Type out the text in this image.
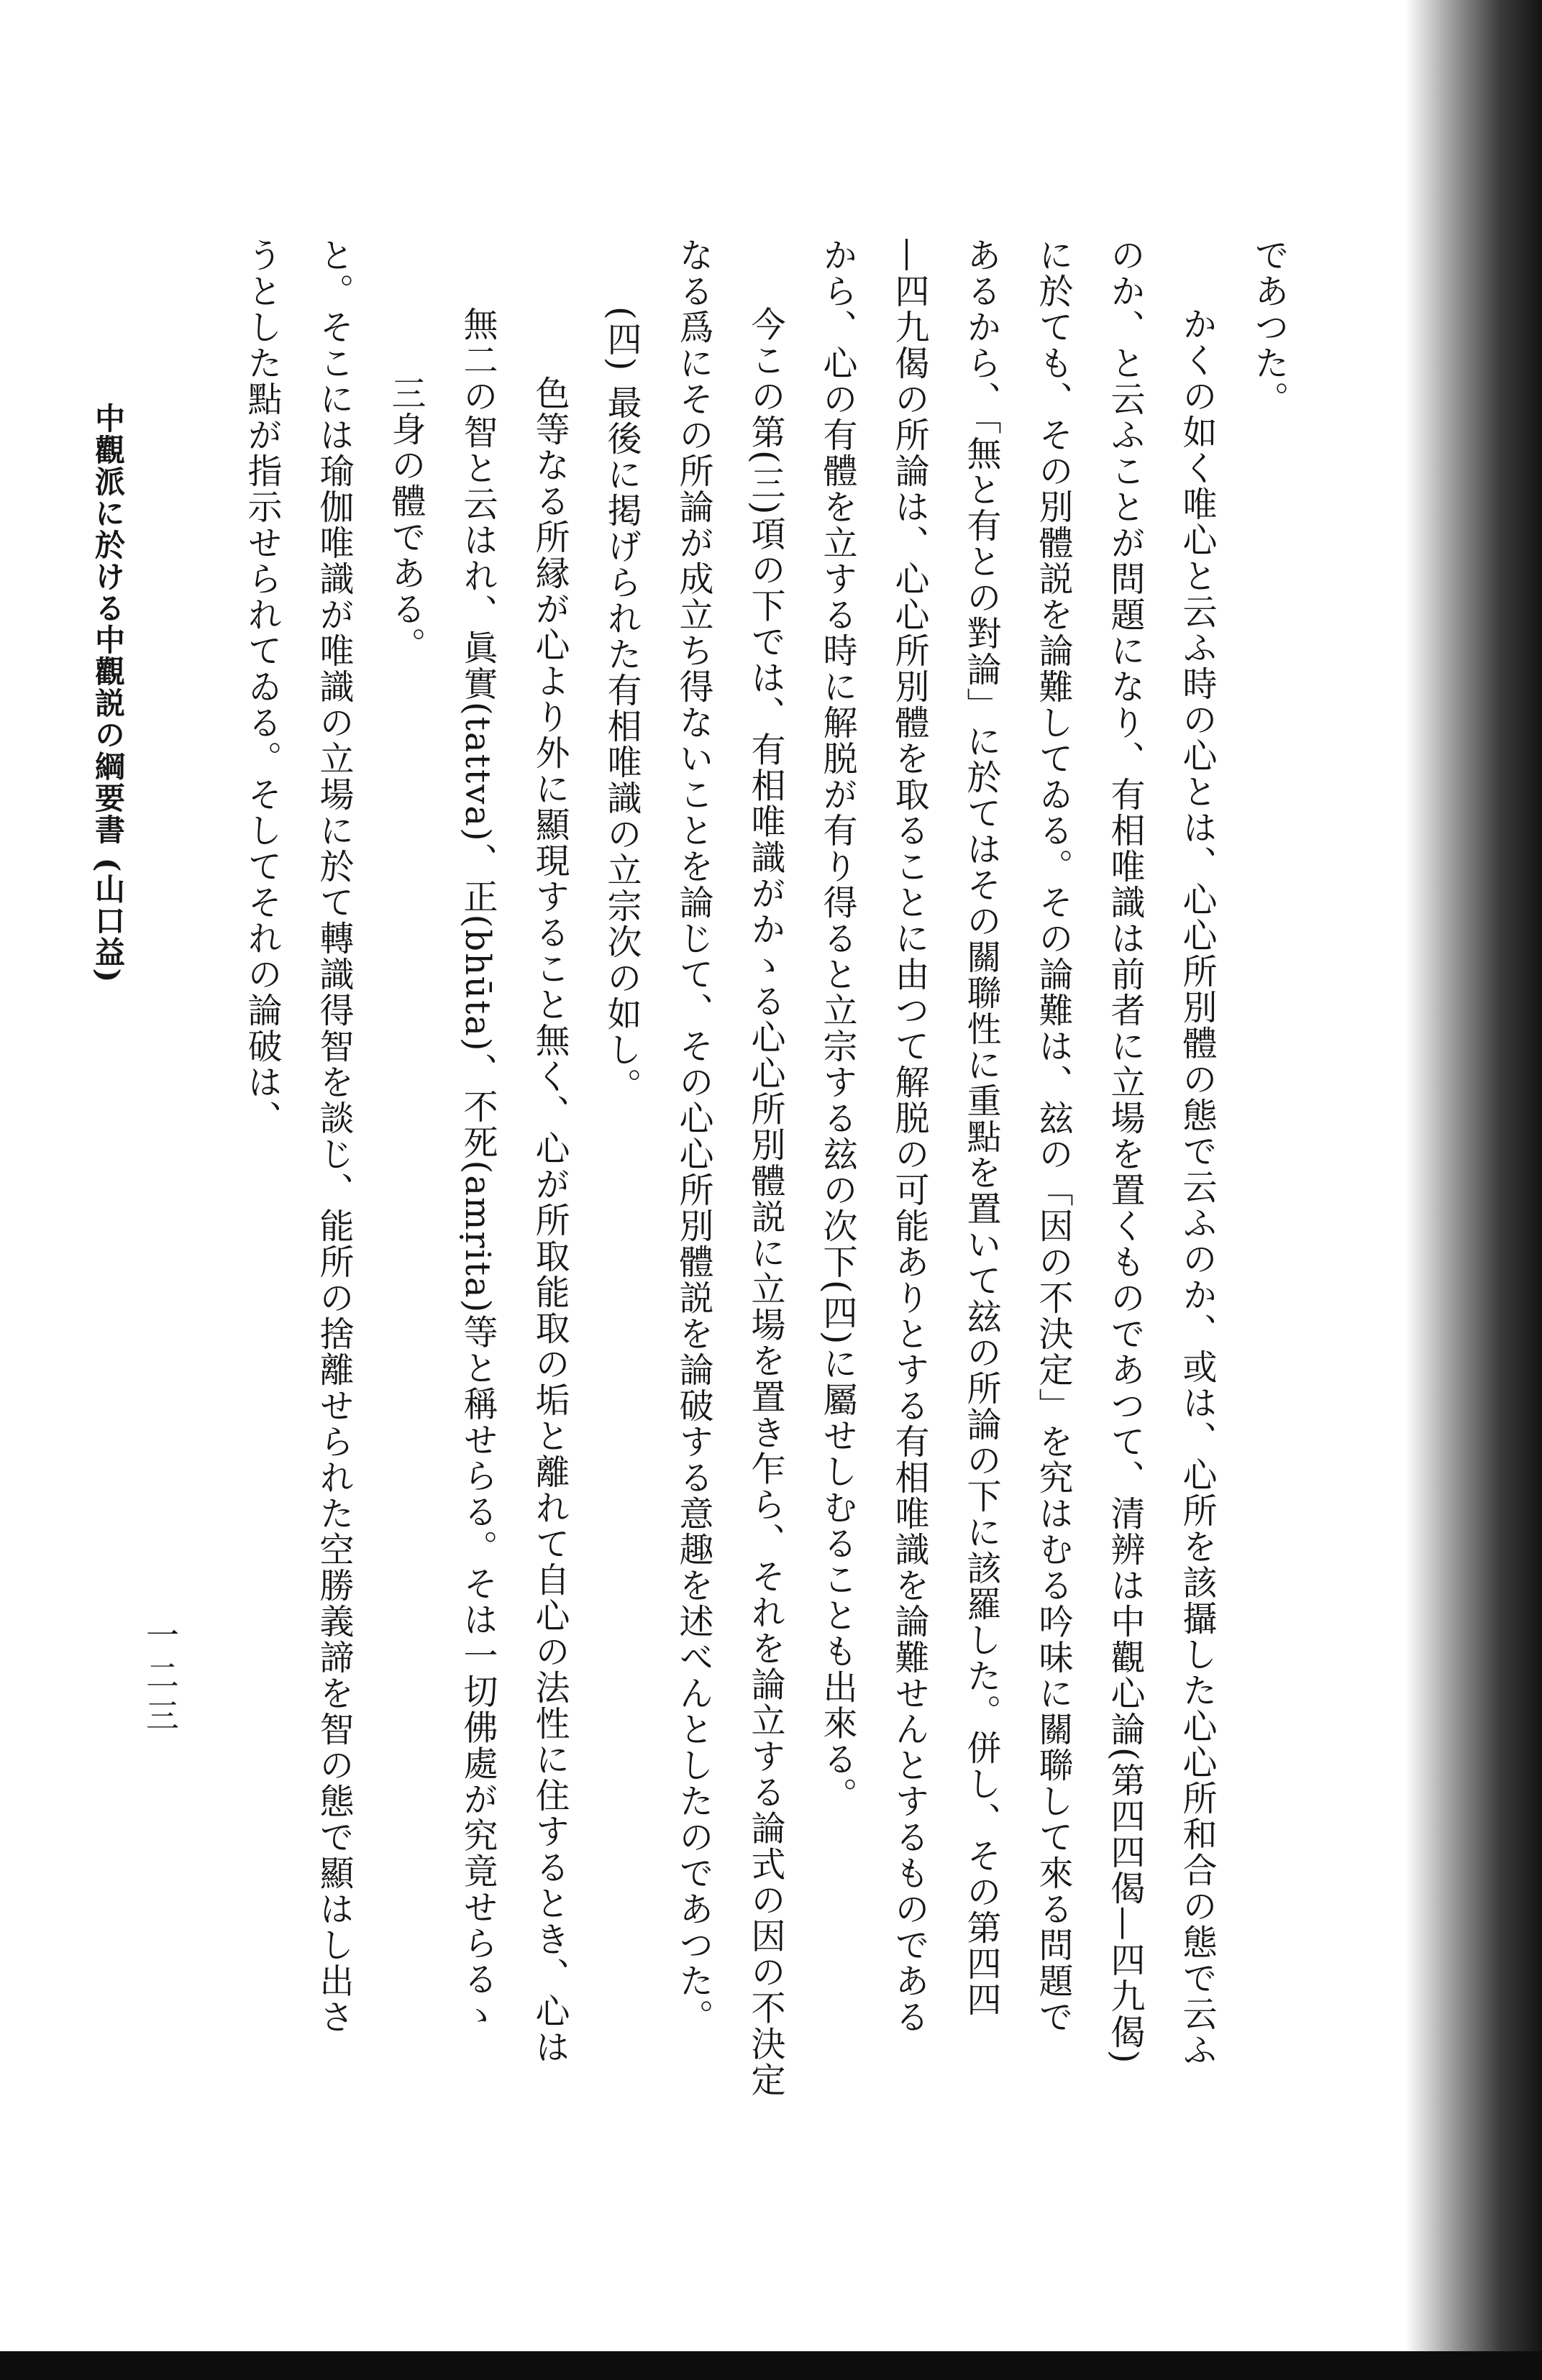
であつた。
かくの如く唯心と云ふ時の心とは、心心所別體の態で云ふのか、或は、心所を該攝した心心所和合の態で云ふ
のか、と云ふことが問題になり、有相唯識は前者に立場を置くものであつて、清辨は中觀心論(第四四偈—四九偈)
に於ても、その別體説を論難してゐる。その論難は、玆の「因の不決定」を究はむる吟味に關聯して來る問題で
あるから、「無と有との對論」に於てはその關聯性に重點を置いて玆の所論の下に該羅した。併し、その第四四
—四九偈の所論は、心心所別體を取ることに由つて解脱の可能ありとする有相唯識を論難せんとするものである
から、心の有體を立する時に解脱が有り得ると立宗する玆の次下(四)に屬せしむることも出來る。
今この第(三)項の下では、有相唯識がかゝる心心所別體説に立場を置き乍ら、それを論立する論式の因の不決定
なる爲にその所論が成立ち得ないことを論じて、その心心所別體説を論破する意趣を述べんとしたのであつた。
(四) 最後に掲げられた有相唯識の立宗次の如し。
色等なる所縁が心より外に顯現すること無く、心が所取能取の垢と離れて自心の法性に住するとき、心は
無二の智と云はれ、眞實(tattva)、正(bhūta)、不死(amṛita)等と稱せらる。そは一切佛處が究竟せらるゝ
三身の體である。
と。そこには瑜伽唯識が唯識の立場に於て轉識得智を談じ、能所の捨離せられた空勝義諦を智の態で顯はし出さ
うとした點が指示せられてゐる。そしてそれの論破は、
中觀派に於ける中觀説の綱要書 (山口益)
一二三
